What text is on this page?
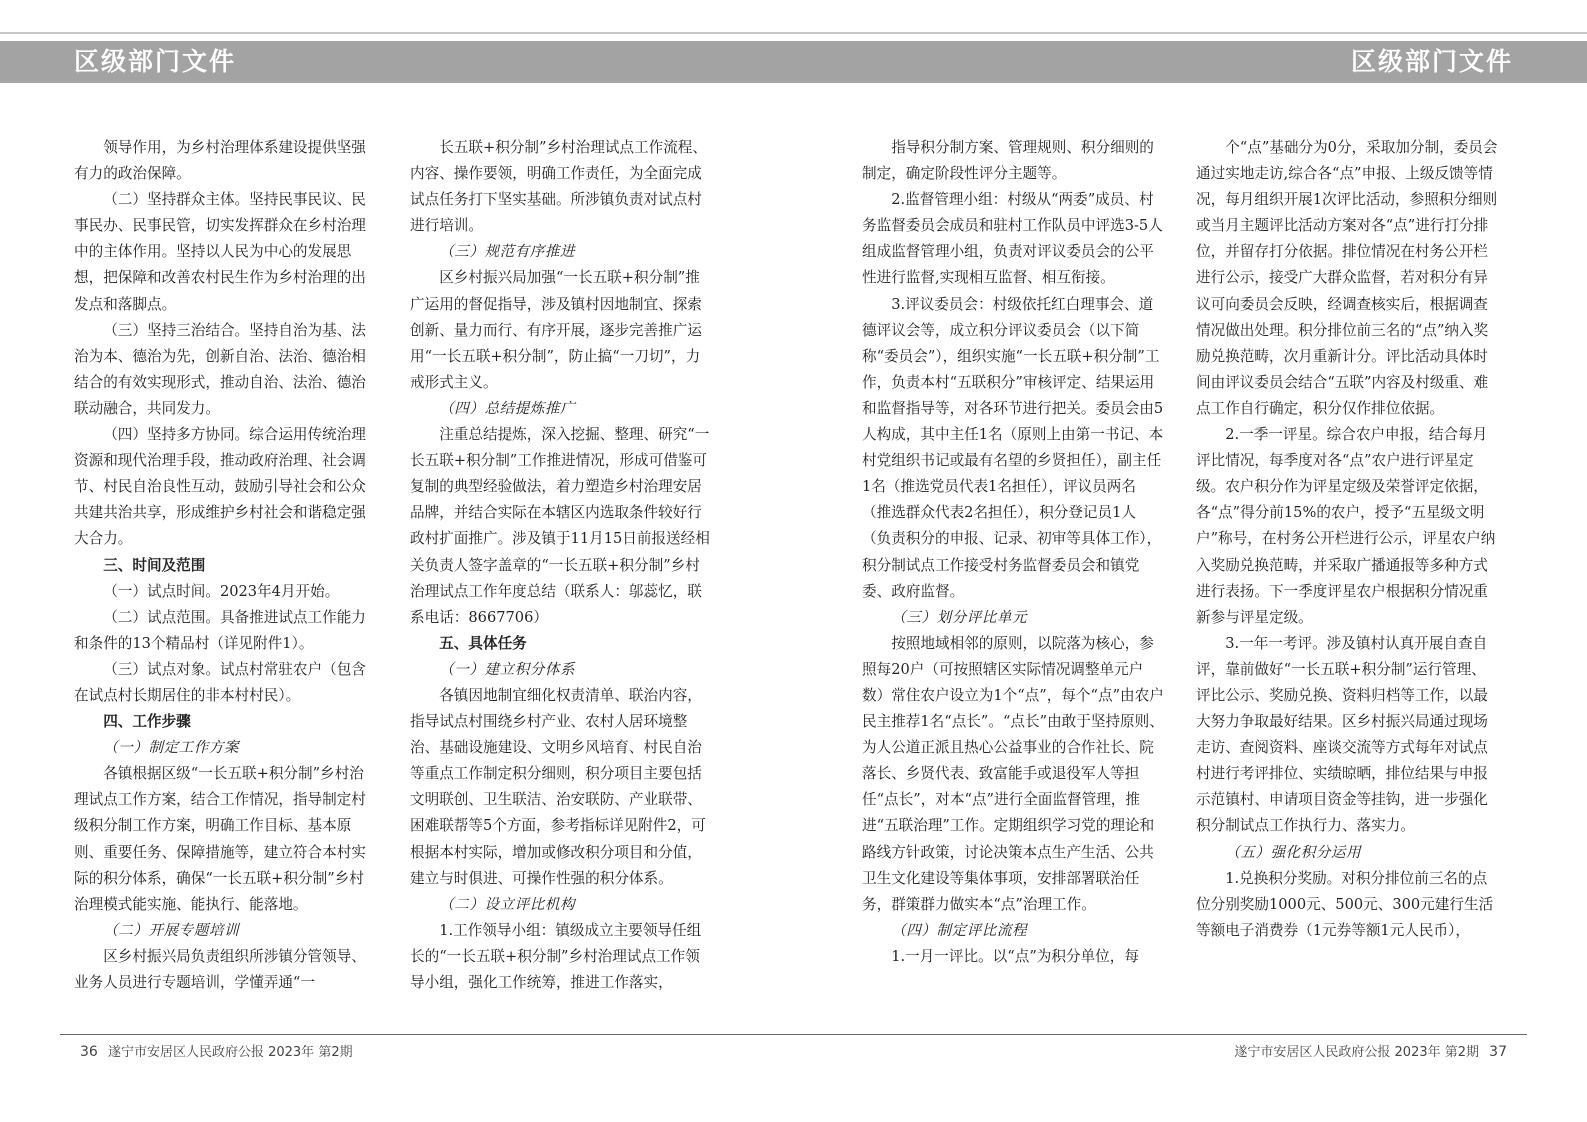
区级部门文件	区级部门文件

领导作用，为乡村治理体系建设提供坚强有力的政治保障。

（二）坚持群众主体。坚持民事民议、民事民办、民事民管，切实发挥群众在乡村治理中的主体作用。坚持以人民为中心的发展思想，把保障和改善农村民生作为乡村治理的出发点和落脚点。

（三）坚持三治结合。坚持自治为基、法治为本、德治为先，创新自治、法治、德治相结合的有效实现形式，推动自治、法治、德治联动融合，共同发力。

（四）坚持多方协同。综合运用传统治理资源和现代治理手段，推动政府治理、社会调节、村民自治良性互动，鼓励引导社会和公众共建共治共享，形成维护乡村社会和谐稳定强大合力。

三、时间及范围

（一）试点时间。2023年4月开始。

（二）试点范围。具备推进试点工作能力和条件的13个精品村（详见附件1）。

（三）试点对象。试点村常驻农户（包含在试点村长期居住的非本村村民）。

四、工作步骤

（一）制定工作方案

各镇根据区级“一长五联+积分制”乡村治理试点工作方案，结合工作情况，指导制定村级积分制工作方案，明确工作目标、基本原则、重要任务、保障措施等，建立符合本村实际的积分体系，确保“一长五联+积分制”乡村治理模式能实施、能执行、能落地。

（二）开展专题培训

区乡村振兴局负责组织所涉镇分管领导、业务人员进行专题培训，学懂弄通“一

长五联+积分制”乡村治理试点工作流程、内容、操作要领，明确工作责任，为全面完成试点任务打下坚实基础。所涉镇负责对试点村进行培训。

（三）规范有序推进

区乡村振兴局加强“一长五联+积分制”推广运用的督促指导，涉及镇村因地制宜、探索创新、量力而行、有序开展，逐步完善推广运用“一长五联+积分制”，防止搞“一刀切”，力戒形式主义。

（四）总结提炼推广

注重总结提炼，深入挖掘、整理、研究“一长五联+积分制”工作推进情况，形成可借鉴可复制的典型经验做法，着力塑造乡村治理安居品牌，并结合实际在本辖区内选取条件较好行政村扩面推广。涉及镇于11月15日前报送经相关负责人签字盖章的“一长五联+积分制”乡村治理试点工作年度总结（联系人：邬蕊忆，联系电话：8667706）

五、具体任务

（一）建立积分体系

各镇因地制宜细化权责清单、联治内容，指导试点村围绕乡村产业、农村人居环境整治、基础设施建设、文明乡风培育、村民自治等重点工作制定积分细则，积分项目主要包括文明联创、卫生联洁、治安联防、产业联带、困难联帮等5个方面，参考指标详见附件2，可根据本村实际，增加或修改积分项目和分值，建立与时俱进、可操作性强的积分体系。

（二）设立评比机构

1.工作领导小组：镇级成立主要领导任组长的“一长五联+积分制”乡村治理试点工作领导小组，强化工作统筹，推进工作落实，

指导积分制方案、管理规则、积分细则的制定，确定阶段性评分主题等。

2.监督管理小组：村级从“两委”成员、村务监督委员会成员和驻村工作队员中评选3-5人组成监督管理小组，负责对评议委员会的公平性进行监督,实现相互监督、相互衔接。

3.评议委员会：村级依托红白理事会、道德评议会等，成立积分评议委员会（以下简称“委员会”），组织实施“一长五联+积分制”工作，负责本村“五联积分”审核评定、结果运用和监督指导等，对各环节进行把关。委员会由5人构成，其中主任1名（原则上由第一书记、本村党组织书记或最有名望的乡贤担任），副主任1名（推选党员代表1名担任），评议员两名（推选群众代表2名担任），积分登记员1人（负责积分的申报、记录、初审等具体工作），积分制试点工作接受村务监督委员会和镇党委、政府监督。

（三）划分评比单元

按照地域相邻的原则，以院落为核心，参照每20户（可按照辖区实际情况调整单元户数）常住农户设立为1个“点”，每个“点”由农户民主推荐1名“点长”。“点长”由敢于坚持原则、为人公道正派且热心公益事业的合作社长、院落长、乡贤代表、致富能手或退役军人等担任“点长”，对本“点”进行全面监督管理，推进“五联治理”工作。定期组织学习党的理论和路线方针政策，讨论决策本点生产生活、公共卫生文化建设等集体事项，安排部署联治任务，群策群力做实本“点”治理工作。

（四）制定评比流程

1.一月一评比。以“点”为积分单位，每

个“点”基础分为0分，采取加分制，委员会通过实地走访,综合各“点”申报、上级反馈等情况，每月组织开展1次评比活动，参照积分细则或当月主题评比活动方案对各“点”进行打分排位，并留存打分依据。排位情况在村务公开栏进行公示，接受广大群众监督，若对积分有异议可向委员会反映，经调查核实后，根据调查情况做出处理。积分排位前三名的“点”纳入奖励兑换范畴，次月重新计分。评比活动具体时间由评议委员会结合“五联”内容及村级重、难点工作自行确定，积分仅作排位依据。

2.一季一评星。综合农户申报，结合每月评比情况，每季度对各“点”农户进行评星定级。农户积分作为评星定级及荣誉评定依据，各“点”得分前15%的农户，授予“五星级文明户”称号，在村务公开栏进行公示，评星农户纳入奖励兑换范畴，并采取广播通报等多种方式进行表扬。下一季度评星农户根据积分情况重新参与评星定级。

3.一年一考评。涉及镇村认真开展自查自评，靠前做好“一长五联+积分制”运行管理、评比公示、奖励兑换、资料归档等工作，以最大努力争取最好结果。区乡村振兴局通过现场走访、查阅资料、座谈交流等方式每年对试点村进行考评排位、实绩晾晒，排位结果与申报示范镇村、申请项目资金等挂钩，进一步强化积分制试点工作执行力、落实力。

（五）强化积分运用

1.兑换积分奖励。对积分排位前三名的点位分别奖励1000元、500元、300元建行生活等额电子消费券（1元券等额1元人民币），

36 遂宁市安居区人民政府公报 2023年 第2期	遂宁市安居区人民政府公报 2023年 第2期 37
